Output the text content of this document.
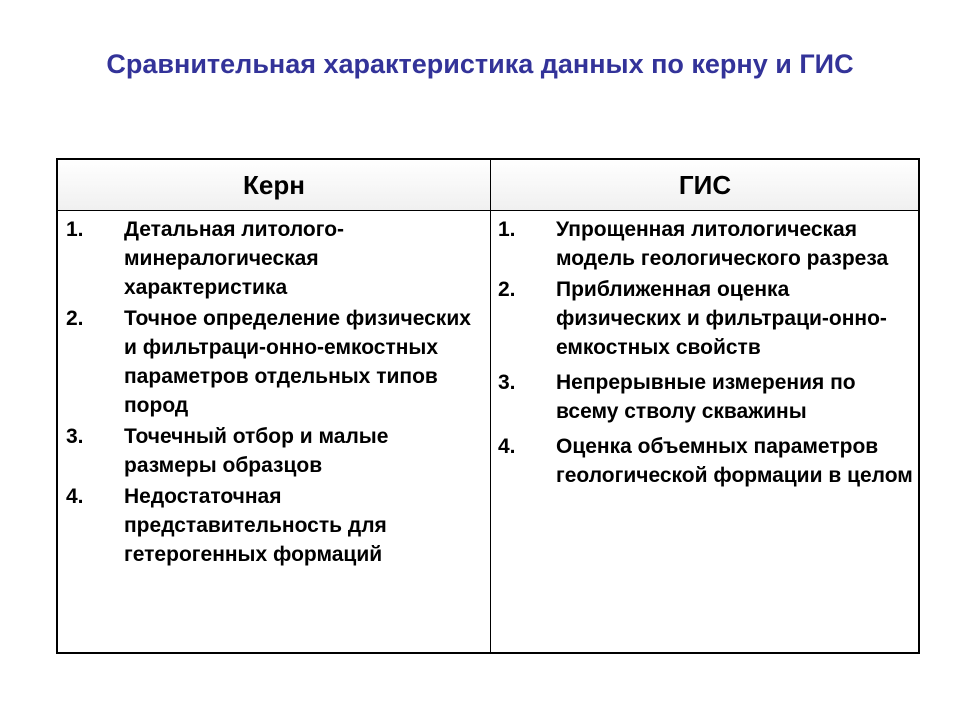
Сравнительная характеристика данных по керну и ГИС
Керн	ГИС
1. Детальная литолого-минералогическая характеристика
2. Точное определение физических и фильтраци-онно-емкостных параметров отдельных типов пород
3. Точечный отбор и малые размеры образцов
4. Недостаточная представительность для гетерогенных формаций
1. Упрощенная литологическая модель геологического разреза
2. Приближенная оценка физических и фильтраци-онно-емкостных свойств
3. Непрерывные измерения по всему стволу скважины
4. Оценка объемных параметров геологической формации в целом
